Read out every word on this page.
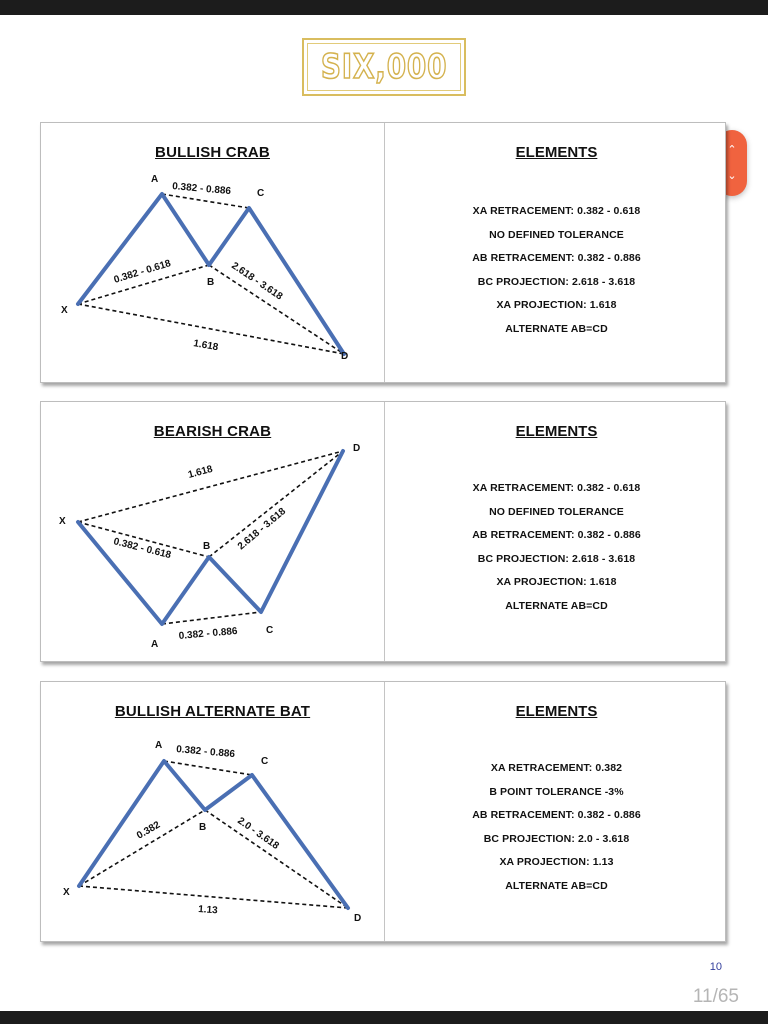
SIX,000
⌃
⌄
BULLISH CRAB
X
A
B
C
D
0.382 - 0.886
0.382 - 0.618	2.618 - 3.618
1.618
ELEMENTS
XA RETRACEMENT: 0.382 - 0.618
NO DEFINED TOLERANCE
AB RETRACEMENT: 0.382 - 0.886
BC PROJECTION: 2.618 - 3.618
XA PROJECTION: 1.618
ALTERNATE AB=CD
BEARISH CRAB
X
A
B
C
D
1.618
0.382 - 0.618	2.618 - 3.618
0.382 - 0.886
ELEMENTS
XA RETRACEMENT: 0.382 - 0.618
NO DEFINED TOLERANCE
AB RETRACEMENT: 0.382 - 0.886
BC PROJECTION: 2.618 - 3.618
XA PROJECTION: 1.618
ALTERNATE AB=CD
BULLISH ALTERNATE BAT
X
A
B
C
D
0.382 - 0.886
0.382	2.0 - 3.618
1.13
ELEMENTS
XA RETRACEMENT: 0.382
B POINT TOLERANCE -3%
AB RETRACEMENT: 0.382 - 0.886
BC PROJECTION: 2.0 - 3.618
XA PROJECTION: 1.13
ALTERNATE AB=CD
10
11/65
